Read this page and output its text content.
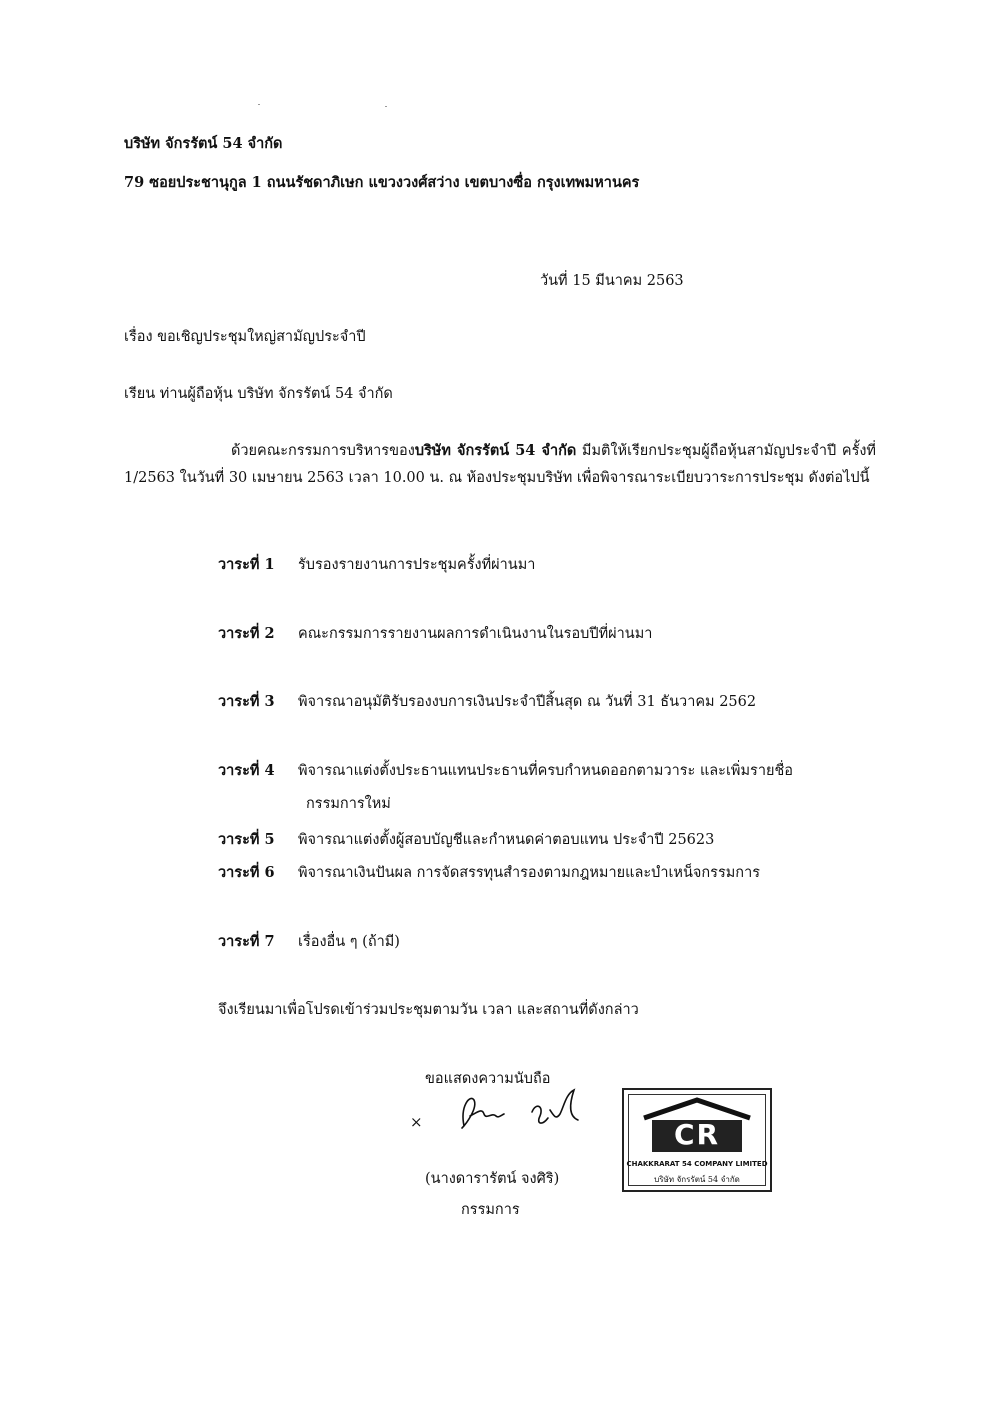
บริษัท จักรรัตน์ 54 จำกัด
79 ซอยประชานุกูล 1 ถนนรัชดาภิเษก แขวงวงศ์สว่าง เขตบางซื่อ กรุงเทพมหานคร
วันที่ 15 มีนาคม 2563
เรื่อง ขอเชิญประชุมใหญ่สามัญประจำปี
เรียน ท่านผู้ถือหุ้น บริษัท จักรรัตน์ 54 จำกัด
ด้วยคณะกรรมการบริหารของบริษัท จักรรัตน์ 54 จำกัด มีมติให้เรียกประชุมผู้ถือหุ้นสามัญประจำปี ครั้งที่ 1/2563 ในวันที่ 30 เมษายน 2563 เวลา 10.00 น. ณ ห้องประชุมบริษัท เพื่อพิจารณาระเบียบวาระการประชุม ดังต่อไปนี้
วาระที่ 1 รับรองรายงานการประชุมครั้งที่ผ่านมา
วาระที่ 2 คณะกรรมการรายงานผลการดำเนินงานในรอบปีที่ผ่านมา
วาระที่ 3 พิจารณาอนุมัติรับรองงบการเงินประจำปีสิ้นสุด ณ วันที่ 31 ธันวาคม 2562
วาระที่ 4 พิจารณาแต่งตั้งประธานแทนประธานที่ครบกำหนดออกตามวาระ และเพิ่มรายชื่อ
กรรมการใหม่
วาระที่ 5 พิจารณาแต่งตั้งผู้สอบบัญชีและกำหนดค่าตอบแทน ประจำปี 25623
วาระที่ 6 พิจารณาเงินปันผล การจัดสรรทุนสำรองตามกฎหมายและบำเหน็จกรรมการ
วาระที่ 7 เรื่องอื่น ๆ (ถ้ามี)
จึงเรียนมาเพื่อโปรดเข้าร่วมประชุมตามวัน เวลา และสถานที่ดังกล่าว
ขอแสดงความนับถือ
×
(นางดารารัตน์ จงศิริ)
กรรมการ
CR
CHAKKRARAT 54 COMPANY LIMITED
บริษัท จักรรัตน์ 54 จำกัด
